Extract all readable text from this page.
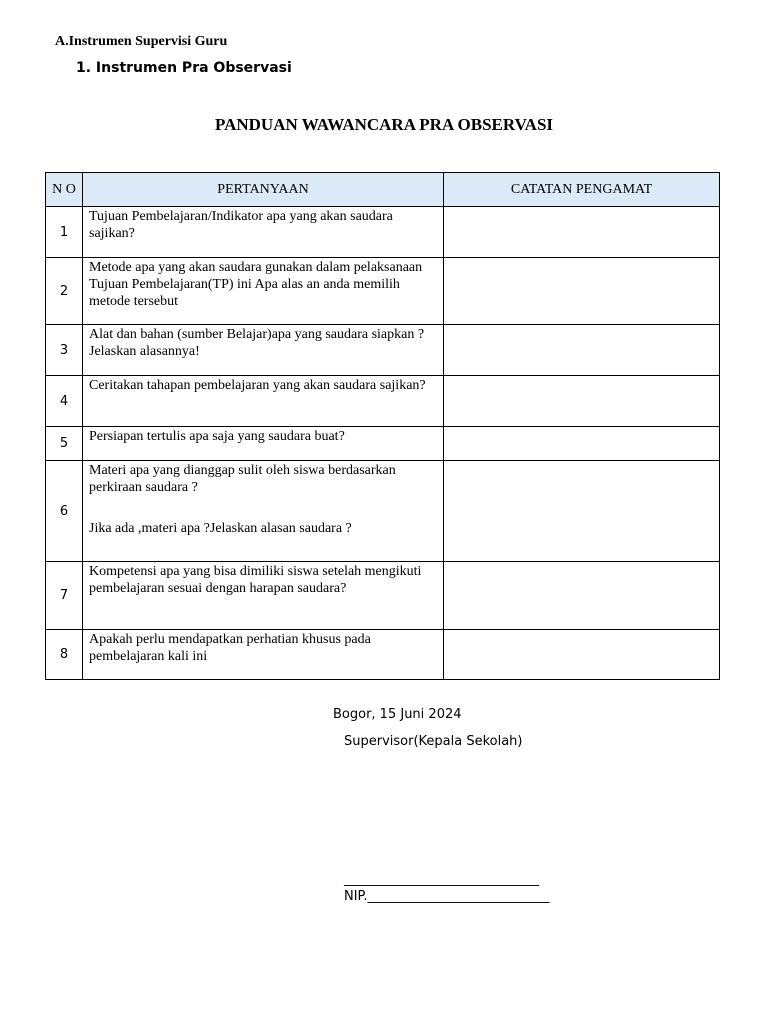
A.Instrumen Supervisi Guru
1. Instrumen Pra Observasi
PANDUAN WAWANCARA PRA OBSERVASI
N O	PERTANYAAN	CATATAN PENGAMAT
1	Tujuan Pembelajaran/Indikator apa yang akan saudara sajikan?	

2	Metode apa yang akan saudara gunakan dalam pelaksanaan Tujuan Pembelajaran(TP) ini Apa alas an anda memilih metode tersebut	

3	Alat dan bahan (sumber Belajar)apa yang saudara siapkan ? Jelaskan alasannya!	

4	Ceritakan tahapan pembelajaran yang akan saudara sajikan?	

5	Persiapan tertulis apa saja yang saudara buat?	

6	Materi apa yang dianggap sulit oleh siswa berdasarkan perkiraan saudara ?
Jika ada ,materi apa ?Jelaskan alasan saudara ?	

7	Kompetensi apa yang bisa dimiliki siswa setelah mengikuti pembelajaran sesuai dengan harapan saudara?	

8	Apakah perlu mendapatkan perhatian khusus pada pembelajaran kali ini	

Bogor, 15 Juni 2024
Supervisor(Kepala Sekolah)
______________________________
NIP.____________________________
